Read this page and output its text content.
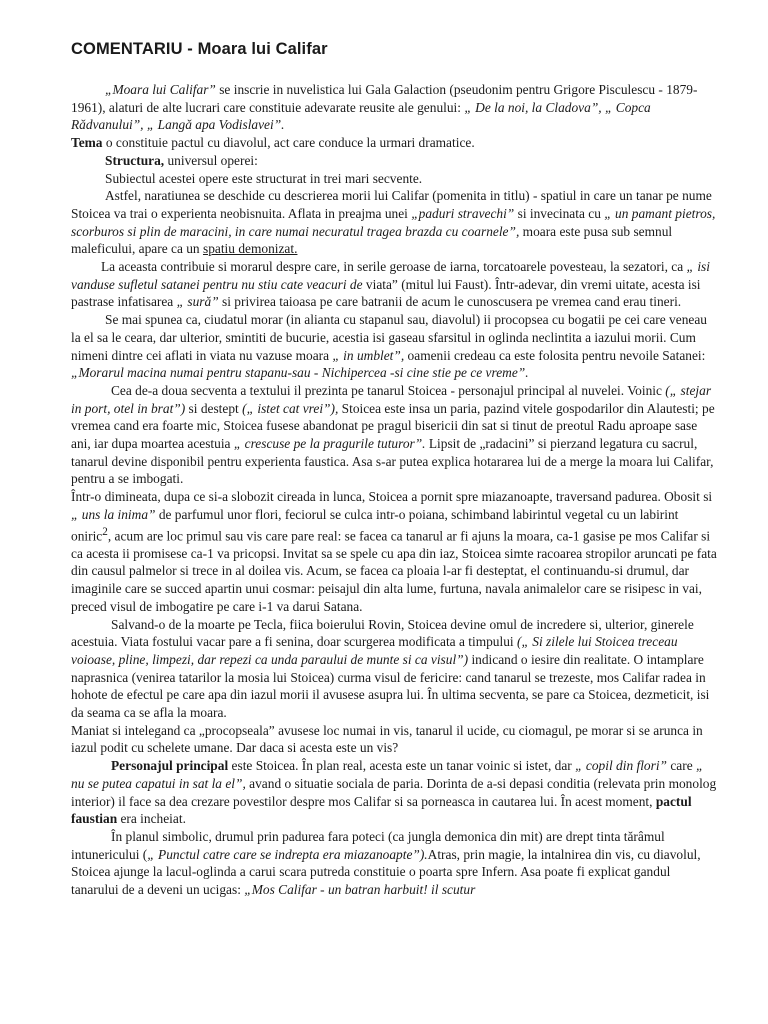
COMENTARIU - Moara lui Califar

„Moara lui Califar” se inscrie in nuvelistica lui Gala Galaction (pseudonim pentru Grigore Pisculescu - 1879-1961), alaturi de alte lucrari care constituie adevarate reusite ale genului: „ De la noi, la Cladova”, „ Copca Rădvanului”, „ Langă apa Vodislavei”.

Tema o constituie pactul cu diavolul, act care conduce la urmari dramatice.

Structura, universul operei:

Subiectul acestei opere este structurat in trei mari secvente.

Astfel, naratiunea se deschide cu descrierea morii lui Califar (pomenita in titlu) - spatiul in care un tanar pe nume Stoicea va trai o experienta neobisnuita. Aflata in preajma unei „paduri stravechi” si invecinata cu „ un pamant pietros, scorburos si plin de maracini, in care numai necuratul tragea brazda cu coarnele”, moara este pusa sub semnul maleficului, apare ca un spatiu demonizat.

La aceasta contribuie si morarul despre care, in serile geroase de iarna, torcatoarele povesteau, la sezatori, ca „ isi vanduse sufletul satanei pentru nu stiu cate veacuri de viata” (mitul lui Faust). Într-adevar, din vremi uitate, acesta isi pastrase infatisarea „ sură” si privirea taioasa pe care batranii de acum le cunoscusera pe vremea cand erau tineri.

Se mai spunea ca, ciudatul morar (in alianta cu stapanul sau, diavolul) ii procopsea cu bogatii pe cei care veneau la el sa le ceara, dar ulterior, smintiti de bucurie, acestia isi gaseau sfarsitul in oglinda neclintita a iazului morii. Cum nimeni dintre cei aflati in viata nu vazuse moara „ in umblet”, oamenii credeau ca este folosita pentru nevoile Satanei: „Morarul macina numai pentru stapanu-sau - Nichipercea -si cine stie pe ce vreme”.

Cea de-a doua secventa a textului il prezinta pe tanarul Stoicea - personajul principal al nuvelei. Voinic („ stejar in port, otel in brat”) si destept („ istet cat vrei”), Stoicea este insa un paria, pazind vitele gospodarilor din Alautesti; pe vremea cand era foarte mic, Stoicea fusese abandonat pe pragul bisericii din sat si tinut de preotul Radu aproape sase ani, iar dupa moartea acestuia „ crescuse pe la pragurile tuturor”. Lipsit de „radacini” si pierzand legatura cu sacrul, tanarul devine disponibil pentru experienta faustica. Asa s-ar putea explica hotararea lui de a merge la moara lui Califar, pentru a se imbogati.

Într-o dimineata, dupa ce si-a slobozit cireada in lunca, Stoicea a pornit spre miazanoapte, traversand padurea. Obosit si „ uns la inima” de parfumul unor flori, feciorul se culca intr-o poiana, schimband labirintul vegetal cu un labirint oniric$^2$, acum are loc primul sau vis care pare real: se facea ca tanarul ar fi ajuns la moara, ca-1 gasise pe mos Califar si ca acesta ii promisese ca-1 va pricopsi. Invitat sa se spele cu apa din iaz, Stoicea simte racoarea stropilor aruncati pe fata din causul palmelor si trece in al doilea vis. Acum, se facea ca ploaia l-ar fi desteptat, el continuandu-si drumul, dar imaginile care se succed apartin unui cosmar: peisajul din alta lume, furtuna, navala animalelor care se risipesc in vai, preced visul de imbogatire pe care i-1 va darui Satana.

Salvand-o de la moarte pe Tecla, fiica boierului Rovin, Stoicea devine omul de incredere si, ulterior, ginerele acestuia. Viata fostului vacar pare a fi senina, doar scurgerea modificata a timpului („ Si zilele lui Stoicea treceau voioase, pline, limpezi, dar repezi ca unda paraului de munte si ca visul”) indicand o iesire din realitate. O intamplare naprasnica (venirea tatarilor la mosia lui Stoicea) curma visul de fericire: cand tanarul se trezeste, mos Califar radea in hohote de efectul pe care apa din iazul morii il avusese asupra lui. În ultima secventa, se pare ca Stoicea, dezmeticit, isi da seama ca se afla la moara.

Maniat si intelegand ca „procopseala” avusese loc numai in vis, tanarul il ucide, cu ciomagul, pe morar si se arunca in iazul podit cu schelete umane. Dar daca si acesta este un vis?

Personajul principal este Stoicea. În plan real, acesta este un tanar voinic si istet, dar „ copil din flori” care „ nu se putea capatui in sat la el”, avand o situatie sociala de paria. Dorinta de a-si depasi conditia (relevata prin monolog interior) il face sa dea crezare povestilor despre mos Califar si sa porneasca in cautarea lui. În acest moment, pactul faustian era incheiat.

În planul simbolic, drumul prin padurea fara poteci (ca jungla demonica din mit) are drept tinta tărâmul intunericului („ Punctul catre care se indrepta era miazanoapte”).Atras, prin magie, la intalnirea din vis, cu diavolul, Stoicea ajunge la lacul-oglinda a carui scara putreda constituie o poarta spre Infern. Asa poate fi explicat gandul tanarului de a deveni un ucigas: „Mos Califar - un batran harbuit! il scutur
